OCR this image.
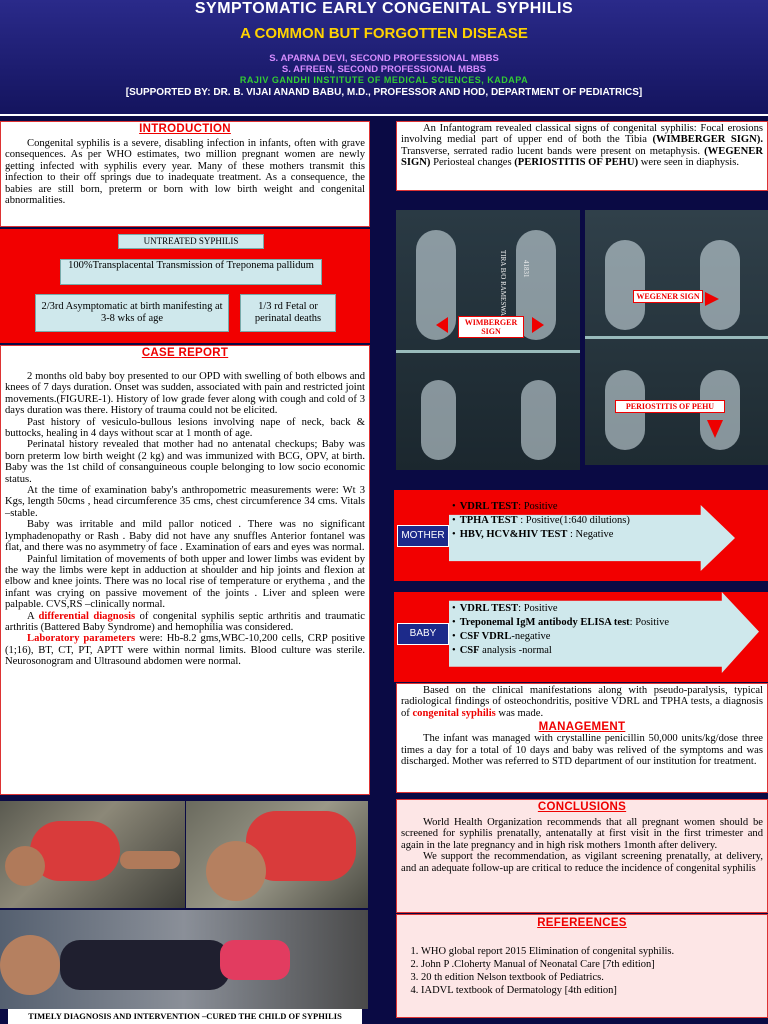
SYMPTOMATIC EARLY CONGENITAL SYPHILIS
A COMMON BUT FORGOTTEN DISEASE
S. APARNA DEVI, SECOND PROFESSIONAL MBBS
S. AFREEN, SECOND PROFESSIONAL MBBS
RAJIV GANDHI INSTITUTE OF MEDICAL SCIENCES, KADAPA
[SUPPORTED BY: DR. B. VIJAI ANAND BABU, M.D., PROFESSOR AND HOD, DEPARTMENT OF PEDIATRICS]
INTRODUCTION
Congenital syphilis is a severe, disabling infection in infants, often with grave consequences. As per WHO estimates, two million pregnant women are newly getting infected with syphilis every year. Many of these mothers transmit this infection to their off springs due to inadequate treatment. As a consequence, the babies are still born, preterm or born with low birth weight and congenital abnormalities.
UNTREATED SYPHILIS
100%Transplacental Transmission of Treponema pallidum
2/3rd Asymptomatic at birth manifesting at 3-8 wks of age
1/3 rd Fetal or perinatal deaths
CASE REPORT
2 months old baby boy presented to our OPD with swelling of both elbows and knees of 7 days duration. Onset was sudden, associated with pain and restricted joint movements.(FIGURE-1). History of low grade fever along with cough and cold of 3 days duration was there. History of trauma could not be elicited.
Past history of vesiculo-bullous lesions involving nape of neck, back & buttocks, healing in 4 days without scar at 1 month of age.
Perinatal history revealed that mother had no antenatal checkups; Baby was born preterm low birth weight (2 kg) and was immunized with BCG, OPV, at birth. Baby was the 1st child of consanguineous couple belonging to low socio economic status.
At the time of examination baby's anthropometric measurements were: Wt 3 Kgs, length 50cms , head circumference 35 cms, chest circumference 34 cms. Vitals –stable.
Baby was irritable and mild pallor noticed . There was no significant lymphadenopathy or Rash . Baby did not have any snuffles Anterior fontanel was flat, and there was no asymmetry of face . Examination of ears and eyes was normal.
Painful limitation of movements of both upper and lower limbs was evident by the way the limbs were kept in adduction at shoulder and hip joints and flexion at elbow and knee joints. There was no local rise of temperature or erythema , and the infant was crying on passive movement of the joints . Liver and spleen were palpable. CVS,RS –clinically normal.
A differential diagnosis of congenital syphilis septic arthritis and traumatic arthritis (Battered Baby Syndrome) and hemophilia was considered.
Laboratory parameters were: Hb-8.2 gms,WBC-10,200 cells, CRP positive (1;16), BT, CT, PT, APTT were within normal limits. Blood culture was sterile. Neurosonogram and Ultrasound abdomen were normal.
TIMELY DIAGNOSIS AND INTERVENTION –CURED THE CHILD OF SYPHILIS
An Infantogram revealed classical signs of congenital syphilis: Focal erosions involving medial part of upper end of both the Tibia (WIMBERGER SIGN). Transverse, serrated radio lucent bands were present on metaphysis. (WEGENER SIGN) Periosteal changes (PERIOSTITIS OF PEHU) were seen in diaphysis.
TIRA B/O RAMESWA	41831
WIMBERGER SIGN
WEGENER SIGN
PERIOSTITIS OF PEHU
MOTHER
• VDRL TEST: Positive
• TPHA TEST : Positive(1:640 dilutions)
• HBV, HCV&HIV TEST : Negative
BABY
• VDRL TEST: Positive
• Treponemal IgM antibody ELISA test: Positive
• CSF VDRL-negative
• CSF analysis -normal
Based on the clinical manifestations along with pseudo-paralysis, typical radiological findings of osteochondritis, positive VDRL and TPHA tests, a diagnosis of congenital syphilis was made.
MANAGEMENT
The infant was managed with crystalline penicillin 50,000 units/kg/dose three times a day for a total of 10 days and baby was relived of the symptoms and was discharged. Mother was referred to STD department of our institution for treatment.
CONCLUSIONS
World Health Organization recommends that all pregnant women should be screened for syphilis prenatally, antenatally at first visit in the first trimester and again in the late pregnancy and in high risk mothers 1month after delivery.
We support the recommendation, as vigilant screening prenatally, at delivery, and an adequate follow-up are critical to reduce the incidence of congenital syphilis
REFEREENCES
1. WHO global report 2015 Elimination of congenital syphilis.
2. John P .Cloherty Manual of Neonatal Care [7th edition]
3. 20 th edition Nelson textbook of Pediatrics.
4. IADVL textbook of Dermatology [4th edition]
